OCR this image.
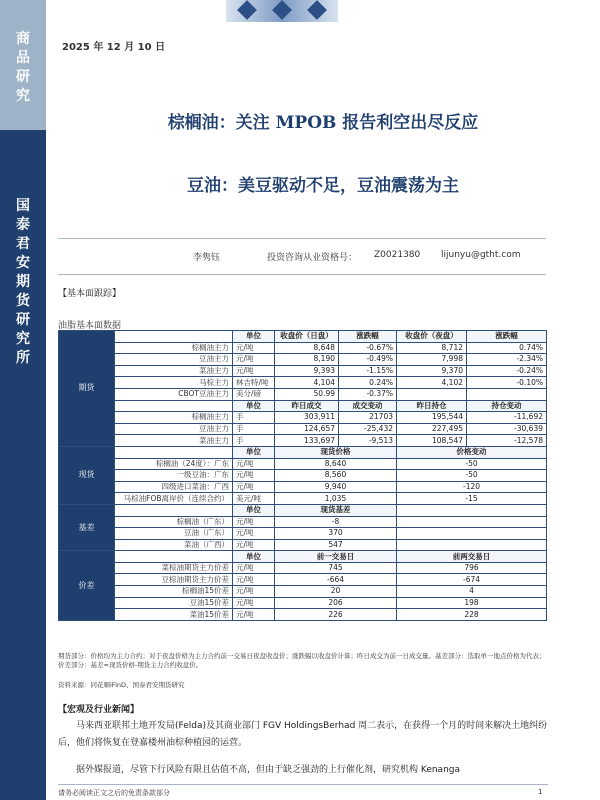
商
品
研
究
国
泰
君
安
期
货
研
究
所
2025 年 12 月 10 日
棕榈油：关注 MPOB 报告利空出尽反应
豆油：美豆驱动不足，豆油震荡为主
李隽钰	投资咨询从业资格号： Z0021380 lijunyu@gtht.com
【基本面跟踪】
油脂基本面数据
期货		单位	收盘价（日盘）	涨跌幅	收盘价（夜盘）	涨跌幅
	棕榈油主力	元/吨	8,648	-0.67%	8,712	0.74%
	豆油主力	元/吨	8,190	-0.49%	7,998	-2.34%
	菜油主力	元/吨	9,393	-1.15%	9,370	-0.24%
	马棕主力	林吉特/吨	4,104	0.24%	4,102	-0.10%
	CBOT豆油主力	美分/磅	50.99	-0.37%		
		单位	昨日成交	成交变动	昨日持仓	持仓变动
	棕榈油主力	手	303,911	21703	195,544	-11,692
	豆油主力	手	124,657	-25,432	227,495	-30,639
	菜油主力	手	133,697	-9,513	108,547	-12,578
现货		单位	现货价格		价格变动	
	棕榈油（24度）：广东	元/吨	8,640		-50	
	一级豆油：广东	元/吨	8,560		-50	
	四级进口菜油：广西	元/吨	9,940		-120	
	马棕油FOB离岸价（连续合约）	美元/吨	1,035		-15	
基差		单位	现货基差			
	棕榈油（广东）	元/吨	-8			
	豆油（广东）	元/吨	370			
	菜油（广西）	元/吨	547			
价差		单位	前一交易日		前两交易日	
	菜棕油期货主力价差	元/吨	745		796	
	豆棕油期货主力价差	元/吨	-664		-674	
	棕榈油15价差	元/吨	20		4	
	豆油15价差	元/吨	206		198	
	菜油15价差	元/吨	226		228	
期货部分：价格均为主力合约；对于夜盘价格为主力合约前一交易日夜盘收盘价；涨跌幅以收盘价计算；昨日成交为前一日成交量。基差部分：选取单一地点价格为代表；价差部分：基差=现货价格-期货主力合约收盘价。
资料来源：同花顺iFinD、国泰君安期货研究
【宏观及行业新闻】
马来西亚联邦土地开发局(Felda)及其商业部门 FGV HoldingsBerhad 周二表示，在获得一个月的时间来解决土地纠纷后，他们将恢复在登嘉楼州油棕种植园的运营。
据外媒报道，尽管下行风险有限且估值不高，但由于缺乏强劲的上行催化剂，研究机构 Kenanga
请务必阅读正文之后的免责条款部分	1
